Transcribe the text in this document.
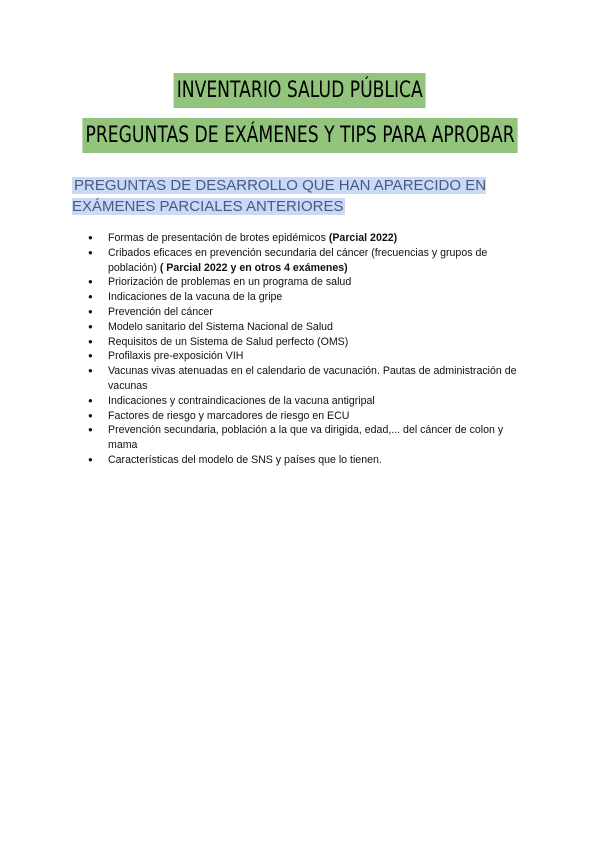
INVENTARIO SALUD PÚBLICA
PREGUNTAS DE EXÁMENES Y TIPS PARA APROBAR
PREGUNTAS DE DESARROLLO QUE HAN APARECIDO EN EXÁMENES PARCIALES ANTERIORES
● Formas de presentación de brotes epidémicos (Parcial 2022)
● Cribados eficaces en prevención secundaria del cáncer (frecuencias y grupos de población) ( Parcial 2022 y en otros 4 exámenes)
● Priorización de problemas en un programa de salud
● Indicaciones de la vacuna de la gripe
● Prevención del cáncer
● Modelo sanitario del Sistema Nacional de Salud
● Requisitos de un Sistema de Salud perfecto (OMS)
● Profilaxis pre-exposición VIH
● Vacunas vivas atenuadas en el calendario de vacunación. Pautas de administración de vacunas
● Indicaciones y contraindicaciones de la vacuna antigripal
● Factores de riesgo y marcadores de riesgo en ECU
● Prevención secundaria, población a la que va dirigida, edad,... del cáncer de colon y mama
● Características del modelo de SNS y países que lo tienen.
